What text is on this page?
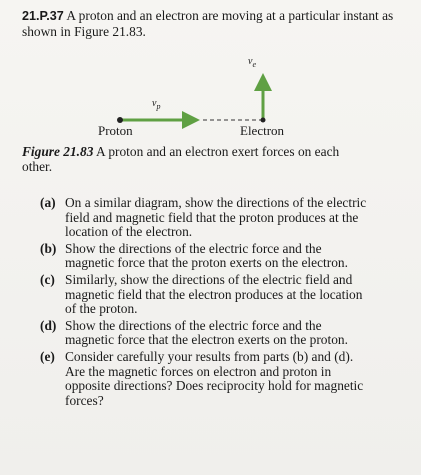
21.P.37 A proton and an electron are moving at a particular instant as shown in Figure 21.83.
$v_p$
$v_e$
Proton	Electron
Figure 21.83 A proton and an electron exert forces on each other.
(a) On a similar diagram, show the directions of the electric field and magnetic field that the proton produces at the location of the electron.
(b) Show the directions of the electric force and the magnetic force that the proton exerts on the electron.
(c) Similarly, show the directions of the electric field and magnetic field that the electron produces at the location of the proton.
(d) Show the directions of the electric force and the magnetic force that the electron exerts on the proton.
(e) Consider carefully your results from parts (b) and (d). Are the magnetic forces on electron and proton in opposite directions? Does reciprocity hold for magnetic forces?
